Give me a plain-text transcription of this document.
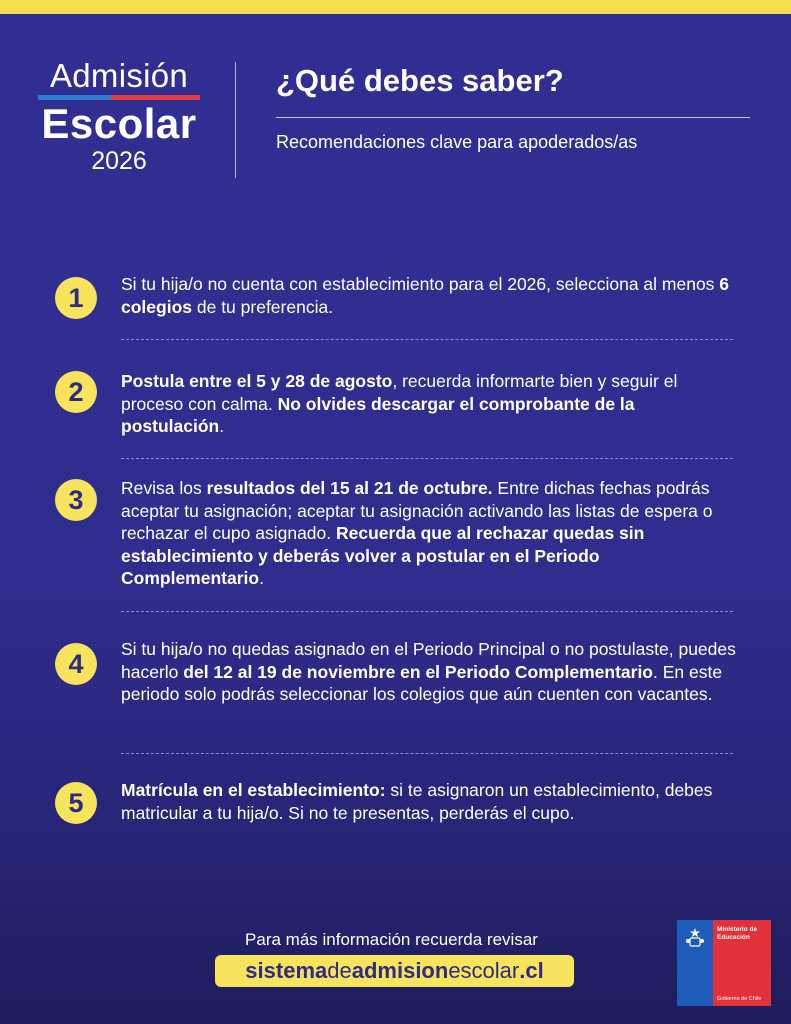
Admisión
Escolar
2026
¿Qué debes saber?
Recomendaciones clave para apoderados/as
1	Si tu hija/o no cuenta con establecimiento para el 2026, selecciona al menos 6 colegios de tu preferencia.
2	Postula entre el 5 y 28 de agosto, recuerda informarte bien y seguir el proceso con calma. No olvides descargar el comprobante de la postulación.
3	Revisa los resultados del 15 al 21 de octubre. Entre dichas fechas podrás aceptar tu asignación; aceptar tu asignación activando las listas de espera o rechazar el cupo asignado. Recuerda que al rechazar quedas sin establecimiento y deberás volver a postular en el Periodo Complementario.
4	Si tu hija/o no quedas asignado en el Periodo Principal o no postulaste, puedes hacerlo del 12 al 19 de noviembre en el Periodo Complementario. En este periodo solo podrás seleccionar los colegios que aún cuenten con vacantes.
5	Matrícula en el establecimiento: si te asignaron un establecimiento, debes matricular a tu hija/o. Si no te presentas, perderás el cupo.
Para más información recuerda revisar
sistema de admision escolar .cl
Ministerio de Educación
Gobierno de Chile
